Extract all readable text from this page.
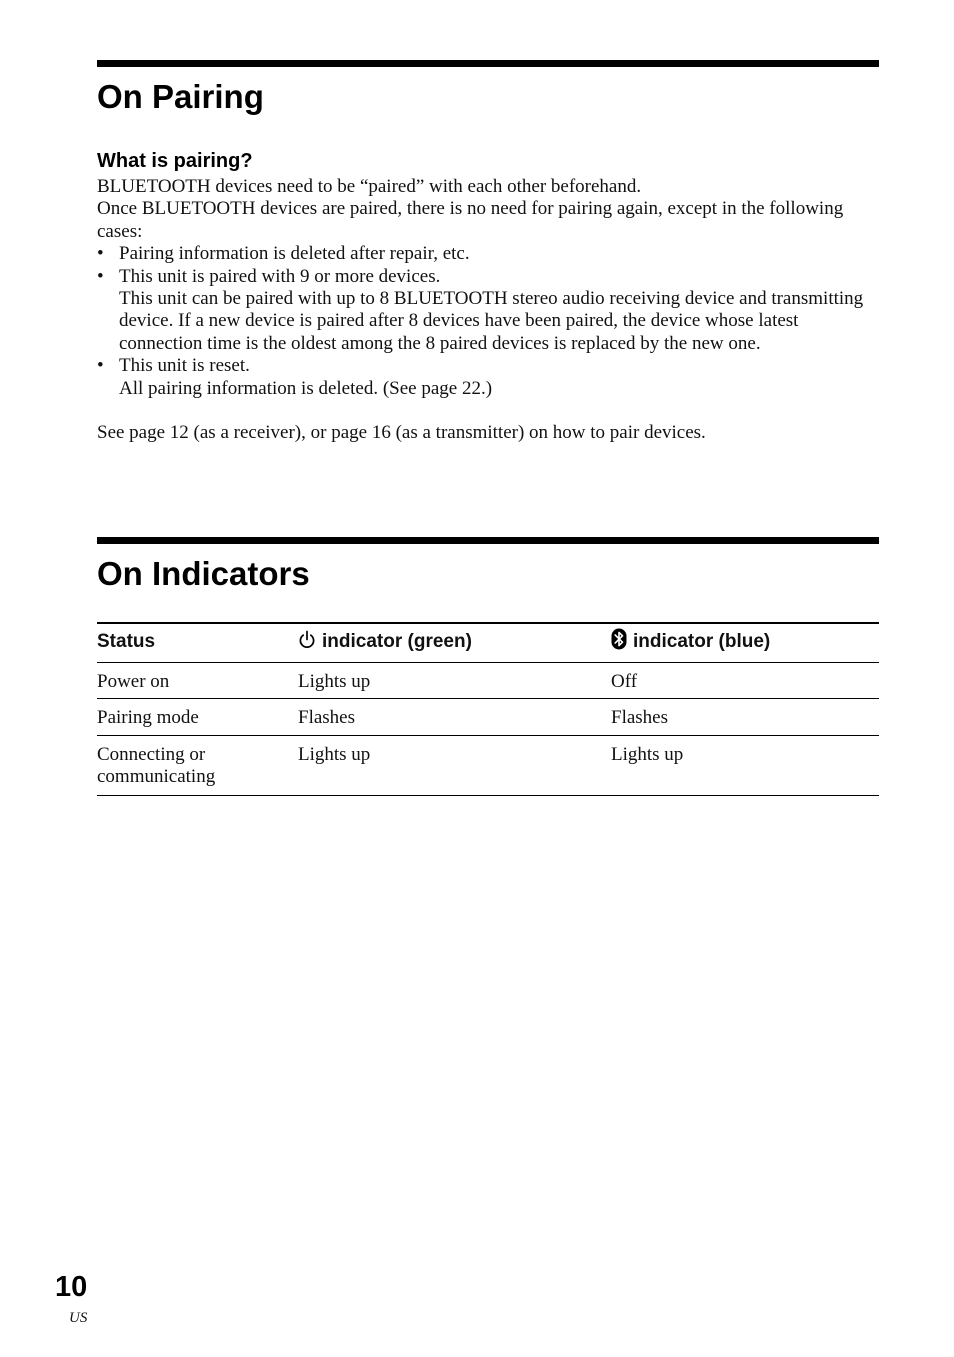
On Pairing
What is pairing?

BLUETOOTH devices need to be “paired” with each other beforehand.

Once BLUETOOTH devices are paired, there is no need for pairing again, except in the following cases:

• Pairing information is deleted after repair, etc.
• This unit is paired with 9 or more devices.
This unit can be paired with up to 8 BLUETOOTH stereo audio receiving device and transmitting device. If a new device is paired after 8 devices have been paired, the device whose latest connection time is the oldest among the 8 paired devices is replaced by the new one.
• This unit is reset.
All pairing information is deleted. (See page 22.)

See page 12 (as a receiver), or page 16 (as a transmitter) on how to pair devices.

On Indicators
Status	indicator (green)	indicator (blue)
Power on	Lights up	Off
Pairing mode	Flashes	Flashes
Connecting or communicating	Lights up	Lights up
10
US
